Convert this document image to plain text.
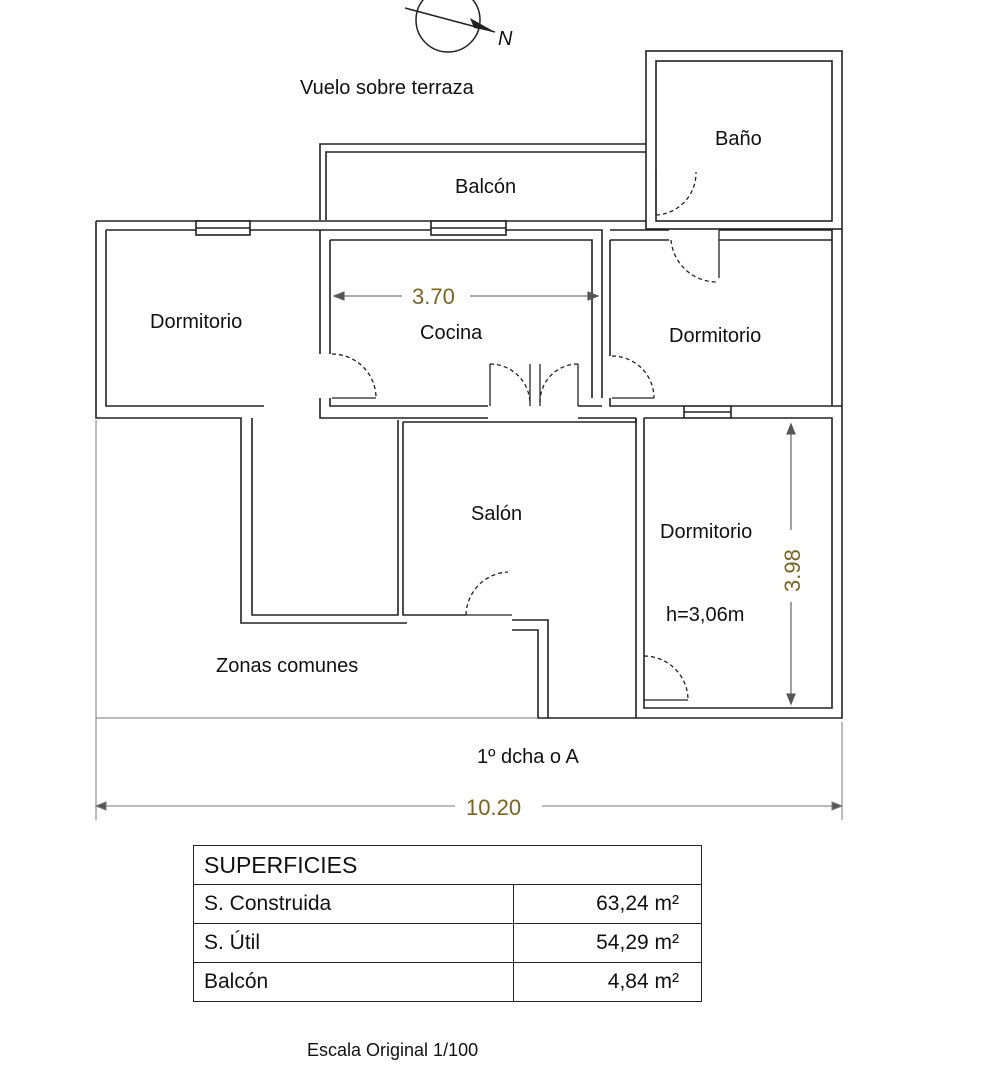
N
Vuelo sobre terraza
Baño
Balcón
Dormitorio	Cocina	Dormitorio
Salón
Dormitorio
h=3,06m
Zonas comunes
1º dcha o A
3.70
3.98
10.20
SUPERFICIES	
S. Construida	63,24 m²
S. Útil	54,29 m²
Balcón	4,84 m²
Escala Original 1/100
